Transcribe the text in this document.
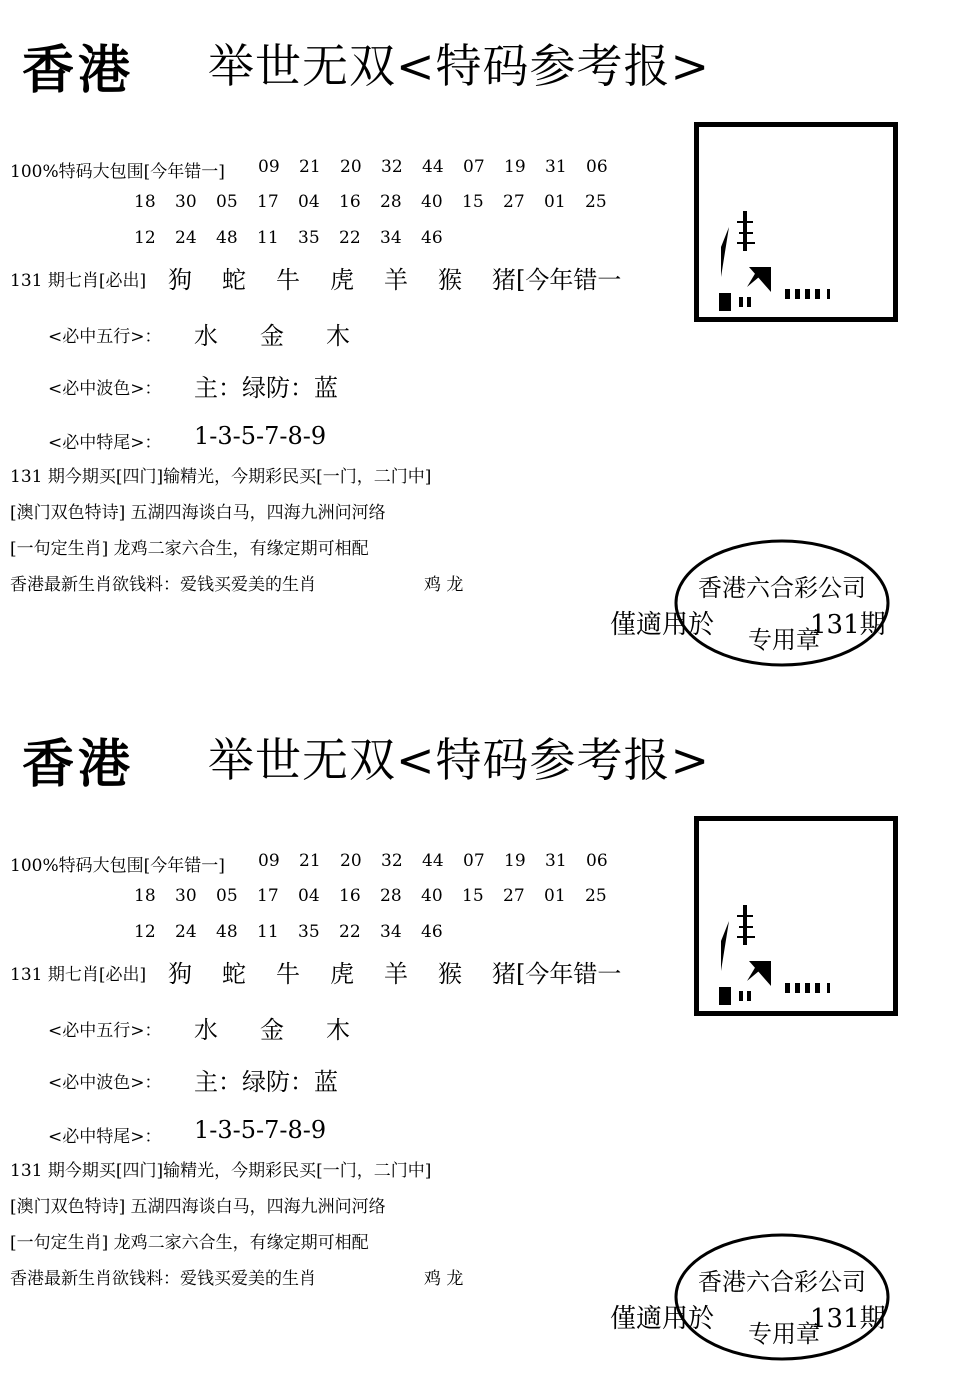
香港 举世无双<特码参考报>
100%特码大包围[今年错一] 09 21 20 32 44 07 19 31 06
18 30 05 17 04 16 28 40 15 27 01 25
12 24 48 11 35 22 34 46
131 期七肖[必出] 狗 蛇 牛 虎 羊 猴 猪[今年错一
<必中五行>： 水 金 木
<必中波色>： 主：绿防：蓝
<必中特尾>： 1-3-5-7-8-9
131 期今期买[四门]输精光，今期彩民买[一门，二门中]
[澳门双色特诗] 五湖四海谈白马，四海九洲问河络
[一句定生肖] 龙鸡二家六合生，有缘定期可相配
香港最新生肖欲钱料：爱钱买爱美的生肖	鸡 龙	香港六合彩公司
专用章
僅適用於	131期
香港 举世无双<特码参考报>
100%特码大包围[今年错一] 09 21 20 32 44 07 19 31 06
18 30 05 17 04 16 28 40 15 27 01 25
12 24 48 11 35 22 34 46
131 期七肖[必出] 狗 蛇 牛 虎 羊 猴 猪[今年错一
<必中五行>： 水 金 木
<必中波色>： 主：绿防：蓝
<必中特尾>： 1-3-5-7-8-9
131 期今期买[四门]输精光，今期彩民买[一门，二门中]
[澳门双色特诗] 五湖四海谈白马，四海九洲问河络
[一句定生肖] 龙鸡二家六合生，有缘定期可相配
香港最新生肖欲钱料：爱钱买爱美的生肖	鸡 龙	香港六合彩公司
专用章
僅適用於	131期
